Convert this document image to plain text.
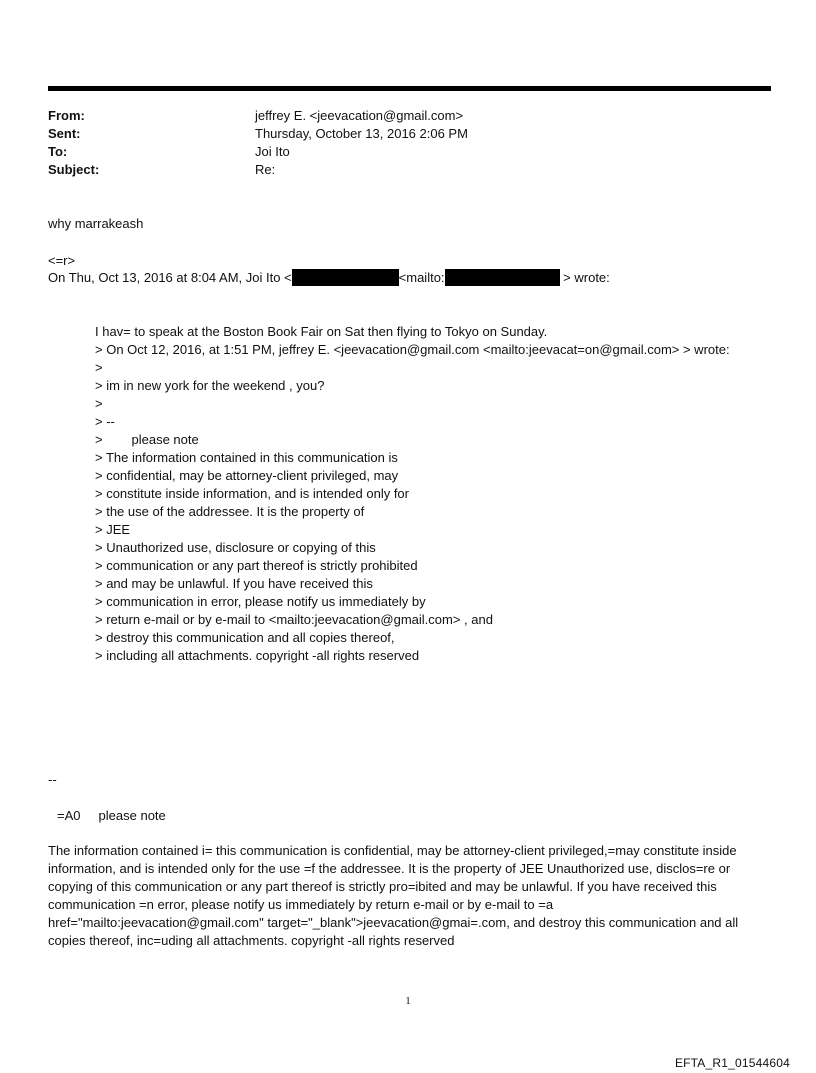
From:	jeffrey E. <jeevacation@gmail.com>
Sent:	Thursday, October 13, 2016 2:06 PM
To:	Joi Ito
Subject:	Re:
why marrakeash
<=r>
On Thu, Oct 13, 2016 at 8:04 AM, Joi Ito <	<mailto:	> wrote:
I hav= to speak at the Boston Book Fair on Sat then flying to Tokyo on Sunday.
> On Oct 12, 2016, at 1:51 PM, jeffrey E. <jeevacation@gmail.com <mailto:jeevacat=on@gmail.com> > wrote:
>
> im in new york for the weekend , you?
>
> --
>        please note
> The information contained in this communication is
> confidential, may be attorney-client privileged, may
> constitute inside information, and is intended only for
> the use of the addressee. It is the property of
> JEE
> Unauthorized use, disclosure or copying of this
> communication or any part thereof is strictly prohibited
> and may be unlawful. If you have received this
> communication in error, please notify us immediately by
> return e-mail or by e-mail to <mailto:jeevacation@gmail.com> , and
> destroy this communication and all copies thereof,
> including all attachments. copyright -all rights reserved
--
=A0     please note
The information contained i= this communication is confidential, may be attorney-client privileged,=may constitute inside information, and is intended only for the use =f the addressee. It is the property of JEE Unauthorized use, disclos=re or copying of this communication or any part thereof is strictly pro=ibited and may be unlawful. If you have received this communication =n error, please notify us immediately by return e-mail or by e-mail to =a href="mailto:jeevacation@gmail.com" target="_blank">jeevacation@gmai=.com, and destroy this communication and all copies thereof, inc=uding all attachments. copyright -all rights reserved
1
EFTA_R1_01544604
